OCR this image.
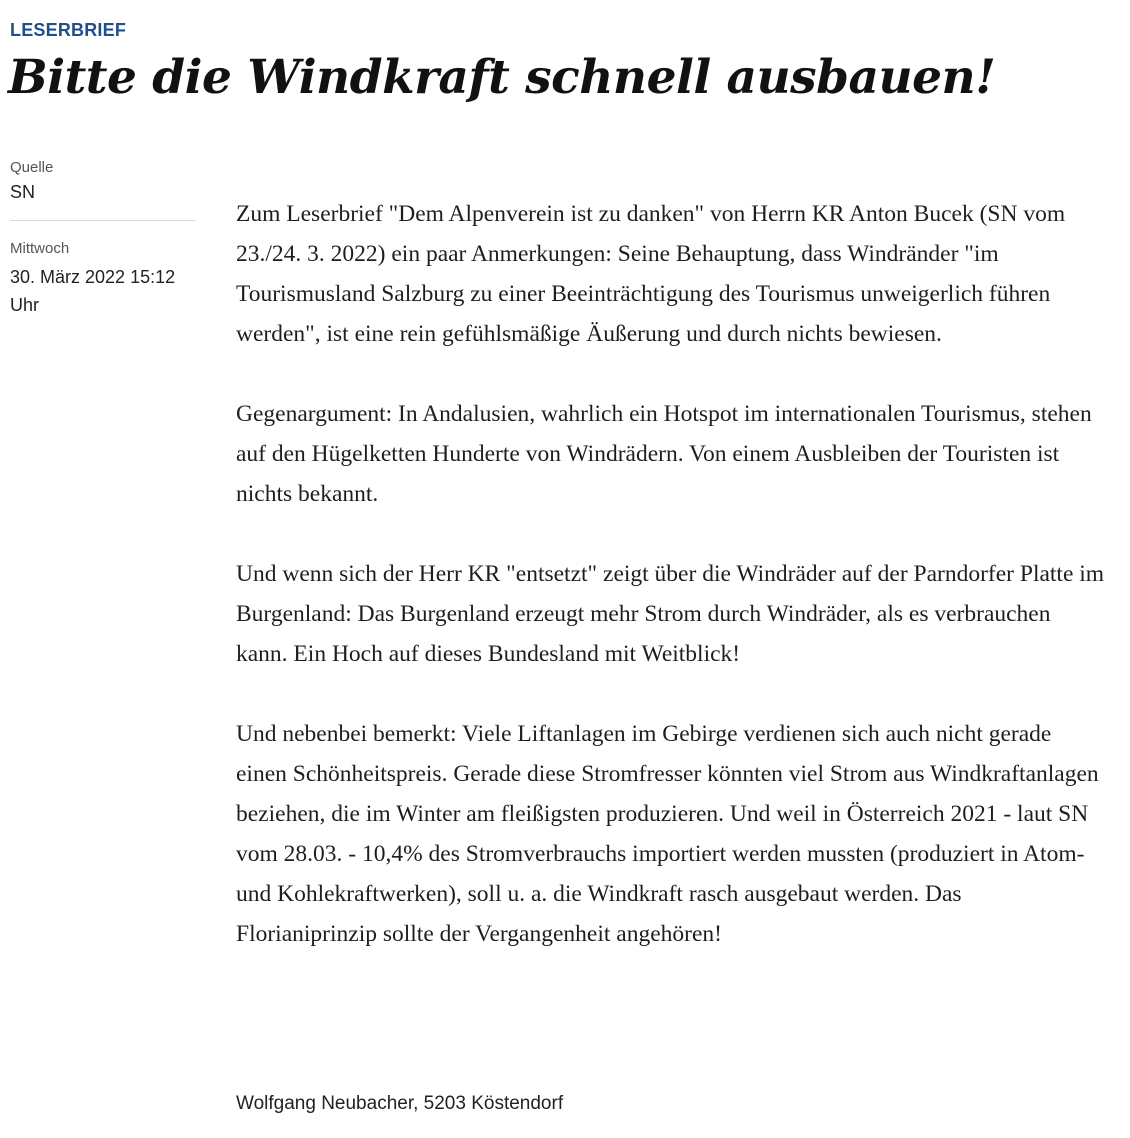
LESERBRIEF
Bitte die Windkraft schnell ausbauen!
Quelle
SN
Mittwoch
30. März 2022 15:12 Uhr

Zum Leserbrief "Dem Alpenverein ist zu danken" von Herrn KR Anton Bucek (SN vom 23./24. 3. 2022) ein paar Anmerkungen: Seine Behauptung, dass Windränder "im Tourismusland Salzburg zu einer Beeinträchtigung des Tourismus unweigerlich führen werden", ist eine rein gefühlsmäßige Äußerung und durch nichts bewiesen.

Gegenargument: In Andalusien, wahrlich ein Hotspot im internationalen Tourismus, stehen auf den Hügelketten Hunderte von Windrädern. Von einem Ausbleiben der Touristen ist nichts bekannt.

Und wenn sich der Herr KR "entsetzt" zeigt über die Windräder auf der Parndorfer Platte im Burgenland: Das Burgenland erzeugt mehr Strom durch Windräder, als es verbrauchen kann. Ein Hoch auf dieses Bundesland mit Weitblick!

Und nebenbei bemerkt: Viele Liftanlagen im Gebirge verdienen sich auch nicht gerade einen Schönheitspreis. Gerade diese Stromfresser könnten viel Strom aus Windkraftanlagen beziehen, die im Winter am fleißigsten produzieren. Und weil in Österreich 2021 - laut SN vom 28.03. - 10,4% des Stromverbrauchs importiert werden mussten (produziert in Atom- und Kohlekraftwerken), soll u. a. die Windkraft rasch ausgebaut werden. Das Florianiprinzip sollte der Vergangenheit angehören!

Wolfgang Neubacher, 5203 Köstendorf
